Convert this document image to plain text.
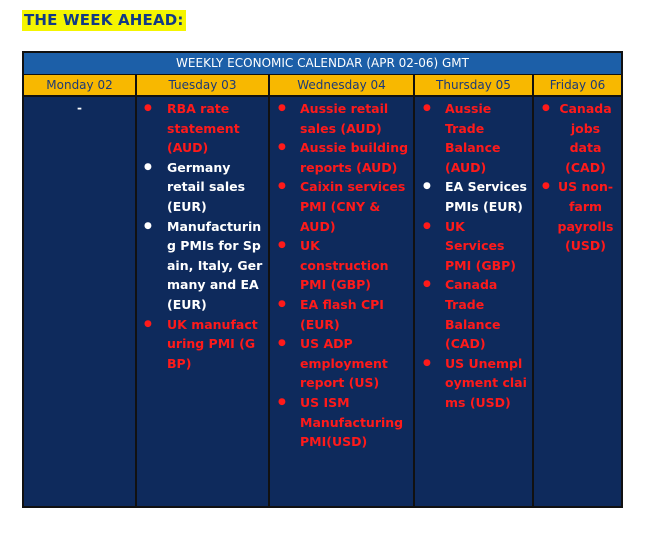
THE WEEK AHEAD:
WEEKLY ECONOMIC CALENDAR (APR 02-06) GMT
Monday 02	Tuesday 03	Wednesday 04	Thursday 05	Friday 06
-
●	RBA rate statement (AUD)
● Germany retail sales (EUR)
● Manufacturing PMIs for Spain, Italy, Germany and EA (EUR)
● UK manufacturing PMI (GBP)
● Aussie retail sales (AUD)
● Aussie building reports (AUD)
● Caixin services PMI (CNY & AUD)
● UK construction PMI (GBP)
● EA flash CPI (EUR)
● US ADP employment report (US)
● US ISM Manufacturing PMI(USD)
● Aussie Trade Balance (AUD)
● EA Services PMIs (EUR)
● UK Services PMI (GBP)
● Canada Trade Balance (CAD)
● US Unemployment claims (USD)
● Canada jobs data (CAD)
● US non-farm payrolls (USD)
